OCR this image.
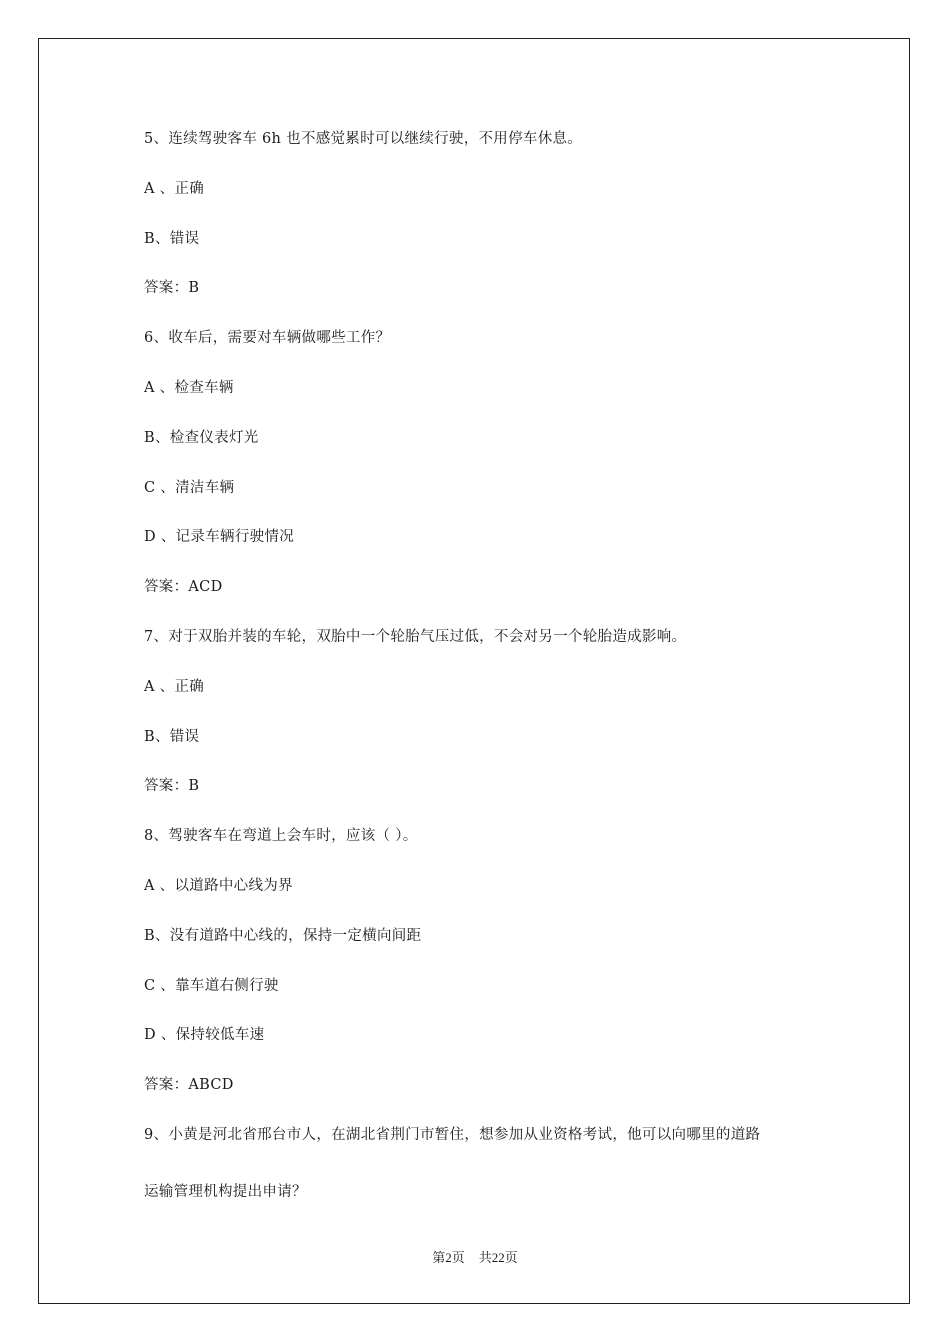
5、连续驾驶客车 6h 也不感觉累时可以继续行驶，不用停车休息。
A 、正确
B、错误
答案：B
6、收车后，需要对车辆做哪些工作？
A 、检查车辆
B、检查仪表灯光
C 、清洁车辆
D 、记录车辆行驶情况
答案：ACD
7、对于双胎并装的车轮，双胎中一个轮胎气压过低，不会对另一个轮胎造成影响。
A 、正确
B、错误
答案：B
8、驾驶客车在弯道上会车时，应该（ ）。
A 、以道路中心线为界
B、没有道路中心线的，保持一定横向间距
C 、靠车道右侧行驶
D 、保持较低车速
答案：ABCD
9、小黄是河北省邢台市人，在湖北省荆门市暂住，想参加从业资格考试，他可以向哪里的道路
运输管理机构提出申请？
第2页 共22页
